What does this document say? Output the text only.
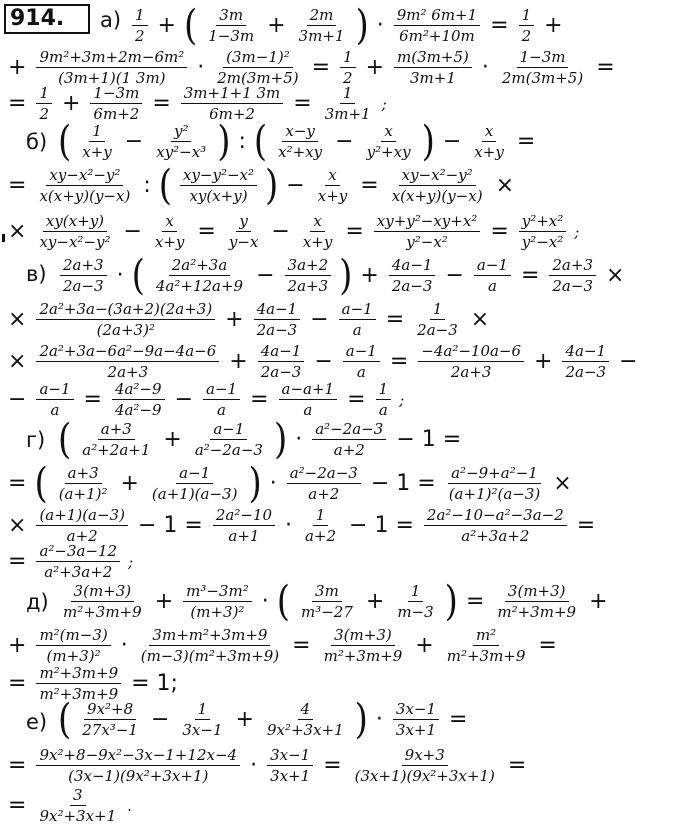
914.	$а) \frac{1}{2}$ + ( $\frac{3m}{1-3m} + \frac{2m}{3m+1}$ ) · $\frac{\text{9m² 6m+1}}{\text{6m²+10m}} = \frac{1}{2}$ +
+ $\frac{\text{9m²+3m+2m−6m²}}{(3m+1)(1 3m)} \cdot \frac{\text{(3m−1)²}}{2m(3m+5)} = \frac{1}{2} + \frac{m(3m+5)}{3m+1} \cdot \frac{1-3m}{2m(3m+5)}$ =
= $\frac{1}{2} + \frac{1-3m}{6m+2} = \frac{3m+1+1 3m}{6m+2} = \frac{1}{3m+1}$ ;
б) ( $\frac{1}{x+y} - \frac{\text{y²}}{\text{xy²−x³}}$ ) : ( $\frac{x-y}{\text{x²+xy}} - \frac{x}{\text{y²+xy}}$ ) − $\frac{x}{x+y}$ =
= $\frac{\text{xy−x²−y²}}{x(x+y)(y-x)}$ : ( $\frac{\text{xy−y²−x²}}{xy(x+y)}$ ) − $\frac{x}{x+y} = \frac{\text{xy−x²−y²}}{x(x+y)(y-x)}$ ×
× $\frac{xy(x+y)}{\text{xy−x²−y²}} - \frac{x}{x+y} = \frac{y}{y-x} - \frac{x}{x+y} = \frac{\text{xy+y²−xy+x²}}{\text{y²−x²}} = \frac{\text{y²+x²}}{\text{y²−x²}}$ ;
$в) \frac{2a+3}{2a-3}$ · ( $\frac{\text{2a²+3a}}{\text{4a²+12a+9}} - \frac{3a+2}{2a+3}$ ) + $\frac{4a-1}{2a-3} - \frac{a-1}{a} = \frac{2a+3}{2a-3}$ ×
× $\frac{\text{2a²+3a−(3a+2)(2a+3)}}{\text{(2a+3)²}} + \frac{4a-1}{2a-3} - \frac{a-1}{a} = \frac{1}{2a-3}$ ×
× $\frac{\text{2a²+3a−6a²−9a−4a−6}}{2a+3} + \frac{4a-1}{2a-3} - \frac{a-1}{a} = \frac{\text{−4a²−10a−6}}{2a+3} + \frac{4a-1}{2a-3}$ −
− $\frac{a-1}{a} = \frac{\text{4a²−9}}{\text{4a²−9}} - \frac{a-1}{a} = \frac{a-a+1}{a} = \frac{1}{a}$ ;
г) ( $\frac{a+3}{\text{a²+2a+1}} + \frac{a-1}{\text{a²−2a−3}}$ ) · $\frac{\text{a²−2a−3}}{a+2} - 1$ =
= ( $\frac{a+3}{\text{(a+1)²}} + \frac{a-1}{(a+1)(a-3)}$ ) · $\frac{\text{a²−2a−3}}{a+2} - 1 = \frac{\text{a²−9+a²−1}}{\text{(a+1)²(a−3)}}$ ×
× $\frac{(a+1)(a-3)}{a+2} - 1 = \frac{\text{2a²−10}}{a+1} \cdot \frac{1}{a+2} - 1 = \frac{\text{2a²−10−a²−3a−2}}{\text{a²+3a+2}}$ =
= $\frac{\text{a²−3a−12}}{\text{a²+3a+2}}$ ;
$д) \frac{3(m+3)}{\text{m²+3m+9}} + \frac{\text{m³−3m²}}{\text{(m+3)²}}$ · ( $\frac{3m}{\text{m³−27}} + \frac{1}{m-3}$ ) = $\frac{3(m+3)}{\text{m²+3m+9}}$ +
+ $\frac{\text{m²(m−3)}}{\text{(m+3)²}} \cdot \frac{\text{3m+m²+3m+9}}{\text{(m−3)(m²+3m+9)}} = \frac{3(m+3)}{\text{m²+3m+9}} + \frac{\text{m²}}{\text{m²+3m+9}}$ =
= $\frac{\text{m²+3m+9}}{\text{m²+3m+9}} = 1$;
е) ( $\frac{\text{9x²+8}}{\text{27x³−1}} - \frac{1}{3x-1} + \frac{4}{\text{9x²+3x+1}}$ ) · $\frac{3x-1}{3x+1}$ =
= $\frac{\text{9x²+8−9x²−3x−1+12x−4}}{\text{(3x−1)(9x²+3x+1)}} \cdot \frac{3x-1}{3x+1} = \frac{9x+3}{\text{(3x+1)(9x²+3x+1)}}$ =
= $\frac{3}{\text{9x²+3x+1}}$ .
